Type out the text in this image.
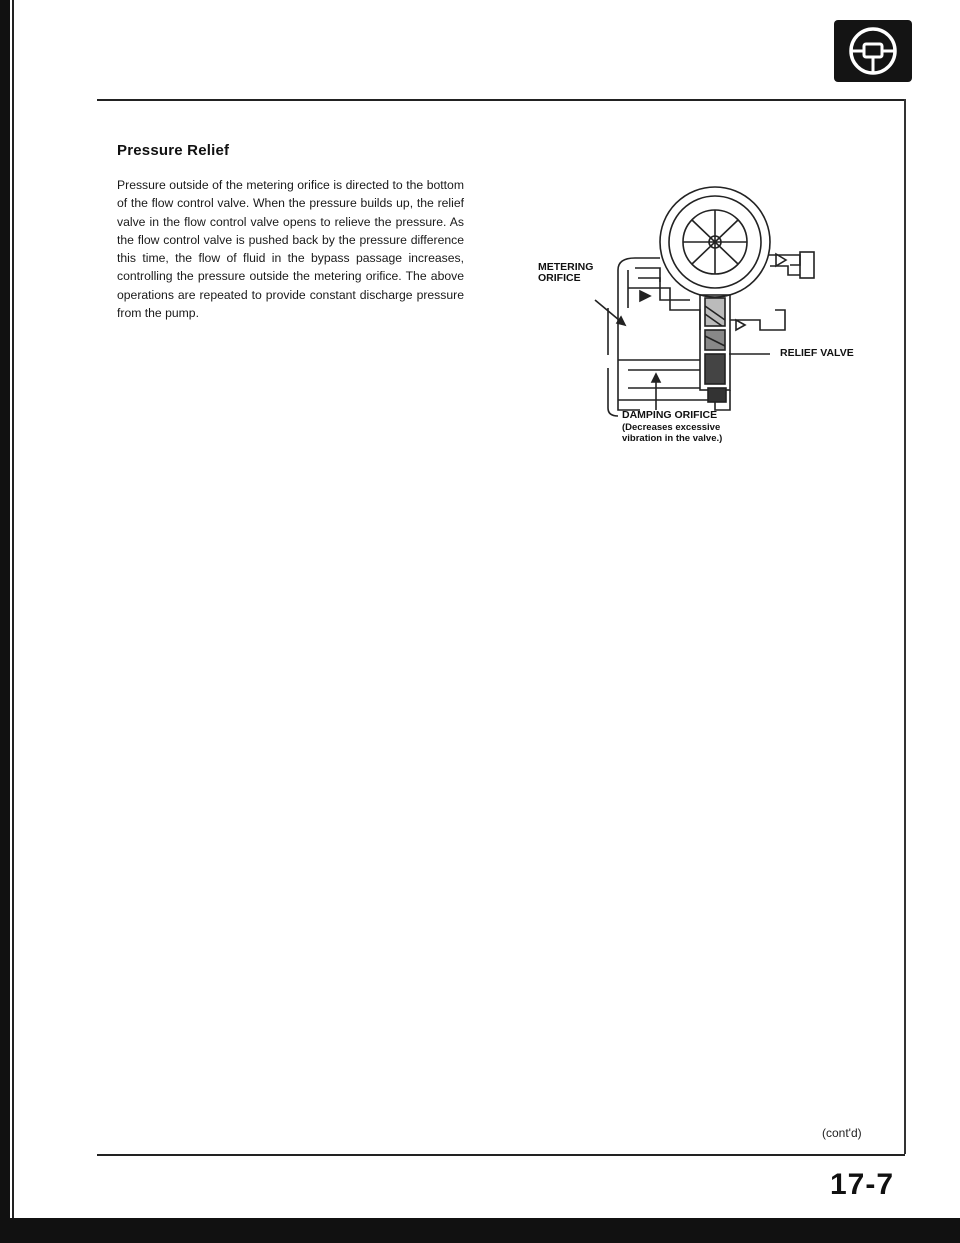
Pressure Relief

Pressure outside of the metering orifice is directed to the bottom of the flow control valve. When the pressure builds up, the relief valve in the flow control valve opens to relieve the pressure. As the flow control valve is pushed back by the pressure difference this time, the flow of fluid in the bypass passage increases, controlling the pressure outside the metering orifice. The above operations are repeated to provide constant discharge pressure from the pump.

METERING
ORIFICE
RELIEF VALVE
DAMPING ORIFICE
(Decreases excessive
vibration in the valve.)
(cont'd)
17-7
